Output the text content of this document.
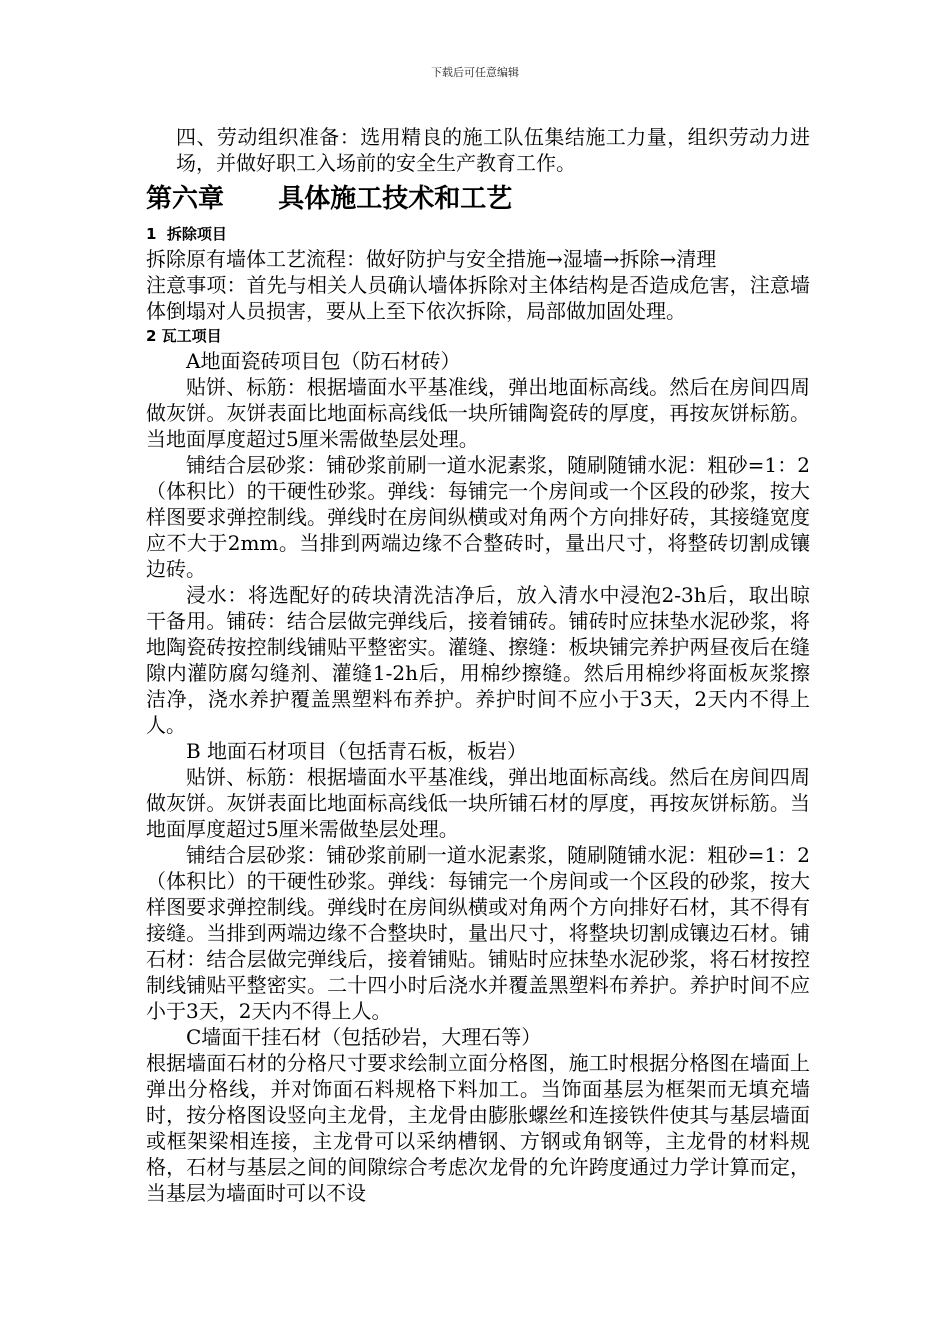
下载后可任意编辑

四、劳动组织准备：选用精良的施工队伍集结施工力量，组织劳动力进场，并做好职工入场前的安全生产教育工作。

第六章      具体施工技术和工艺
1  拆除项目

拆除原有墙体工艺流程：做好防护与安全措施→湿墙→拆除→清理

注意事项：首先与相关人员确认墙体拆除对主体结构是否造成危害，注意墙体倒塌对人员损害，要从上至下依次拆除，局部做加固处理。

2 瓦工项目

A地面瓷砖项目包（防石材砖）

贴饼、标筋：根据墙面水平基准线，弹出地面标高线。然后在房间四周做灰饼。灰饼表面比地面标高线低一块所铺陶瓷砖的厚度，再按灰饼标筋。当地面厚度超过5厘米需做垫层处理。

铺结合层砂浆：铺砂浆前刷一道水泥素浆，随刷随铺水泥：粗砂=1：2（体积比）的干硬性砂浆。弹线：每铺完一个房间或一个区段的砂浆，按大样图要求弹控制线。弹线时在房间纵横或对角两个方向排好砖，其接缝宽度应不大于2mm。当排到两端边缘不合整砖时，量出尺寸，将整砖切割成镶边砖。

浸水：将选配好的砖块清洗洁净后，放入清水中浸泡2-3h后，取出晾干备用。铺砖：结合层做完弹线后，接着铺砖。铺砖时应抹垫水泥砂浆，将地陶瓷砖按控制线铺贴平整密实。灌缝、擦缝：板块铺完养护两昼夜后在缝隙内灌防腐勾缝剂、灌缝1-2h后，用棉纱擦缝。然后用棉纱将面板灰浆擦洁净，浇水养护覆盖黑塑料布养护。养护时间不应小于3天，2天内不得上人。

B 地面石材项目（包括青石板，板岩）

贴饼、标筋：根据墙面水平基准线，弹出地面标高线。然后在房间四周做灰饼。灰饼表面比地面标高线低一块所铺石材的厚度，再按灰饼标筋。当地面厚度超过5厘米需做垫层处理。

铺结合层砂浆：铺砂浆前刷一道水泥素浆，随刷随铺水泥：粗砂=1：2（体积比）的干硬性砂浆。弹线：每铺完一个房间或一个区段的砂浆，按大样图要求弹控制线。弹线时在房间纵横或对角两个方向排好石材，其不得有接缝。当排到两端边缘不合整块时，量出尺寸，将整块切割成镶边石材。铺石材：结合层做完弹线后，接着铺贴。铺贴时应抹垫水泥砂浆，将石材按控制线铺贴平整密实。二十四小时后浇水并覆盖黑塑料布养护。养护时间不应小于3天，2天内不得上人。

C墙面干挂石材（包括砂岩，大理石等）

根据墙面石材的分格尺寸要求绘制立面分格图，施工时根据分格图在墙面上弹出分格线，并对饰面石料规格下料加工。当饰面基层为框架而无填充墙时，按分格图设竖向主龙骨，主龙骨由膨胀螺丝和连接铁件使其与基层墙面或框架梁相连接，主龙骨可以采纳槽钢、方钢或角钢等，主龙骨的材料规格，石材与基层之间的间隙综合考虑次龙骨的允许跨度通过力学计算而定，当基层为墙面时可以不设
